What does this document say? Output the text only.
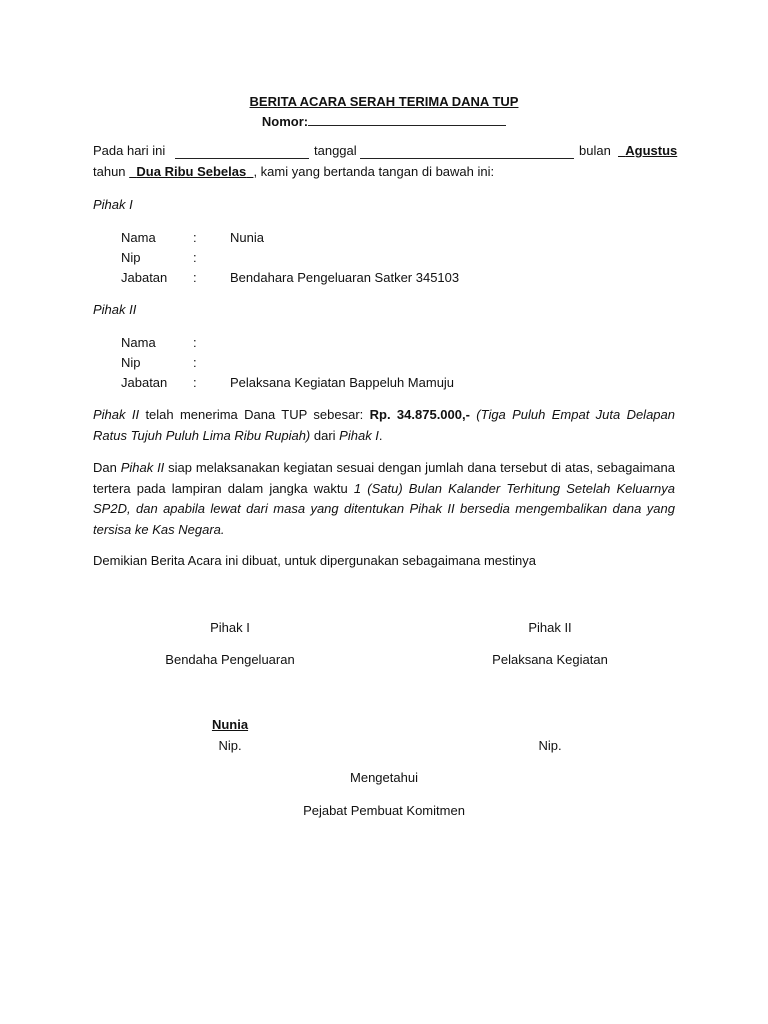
BERITA ACARA SERAH TERIMA DANA TUP
Nomor:
Pada hari ini	tanggal	bulan	Agustus
tahun Dua Ribu Sebelas , kami yang bertanda tangan di bawah ini:
Pihak I
Nama	:	Nunia
Nip	:
Jabatan :	Bendahara Pengeluaran Satker 345103
Pihak II
Nama	:
Nip	:
Jabatan :	Pelaksana Kegiatan Bappeluh Mamuju
Pihak II telah menerima Dana TUP sebesar: Rp. 34.875.000,- (Tiga Puluh Empat Juta Delapan Ratus Tujuh Puluh Lima Ribu Rupiah) dari Pihak I.
Dan Pihak II siap melaksanakan kegiatan sesuai dengan jumlah dana tersebut di atas, sebagaimana tertera pada lampiran dalam jangka waktu 1 (Satu) Bulan Kalander Terhitung Setelah Keluarnya SP2D, dan apabila lewat dari masa yang ditentukan Pihak II bersedia mengembalikan dana yang tersisa ke Kas Negara.
Demikian Berita Acara ini dibuat, untuk dipergunakan sebagaimana mestinya
Pihak I	Pihak II
Bendaha Pengeluaran	Pelaksana Kegiatan
Nunia
Nip.	Nip.
Mengetahui
Pejabat Pembuat Komitmen
